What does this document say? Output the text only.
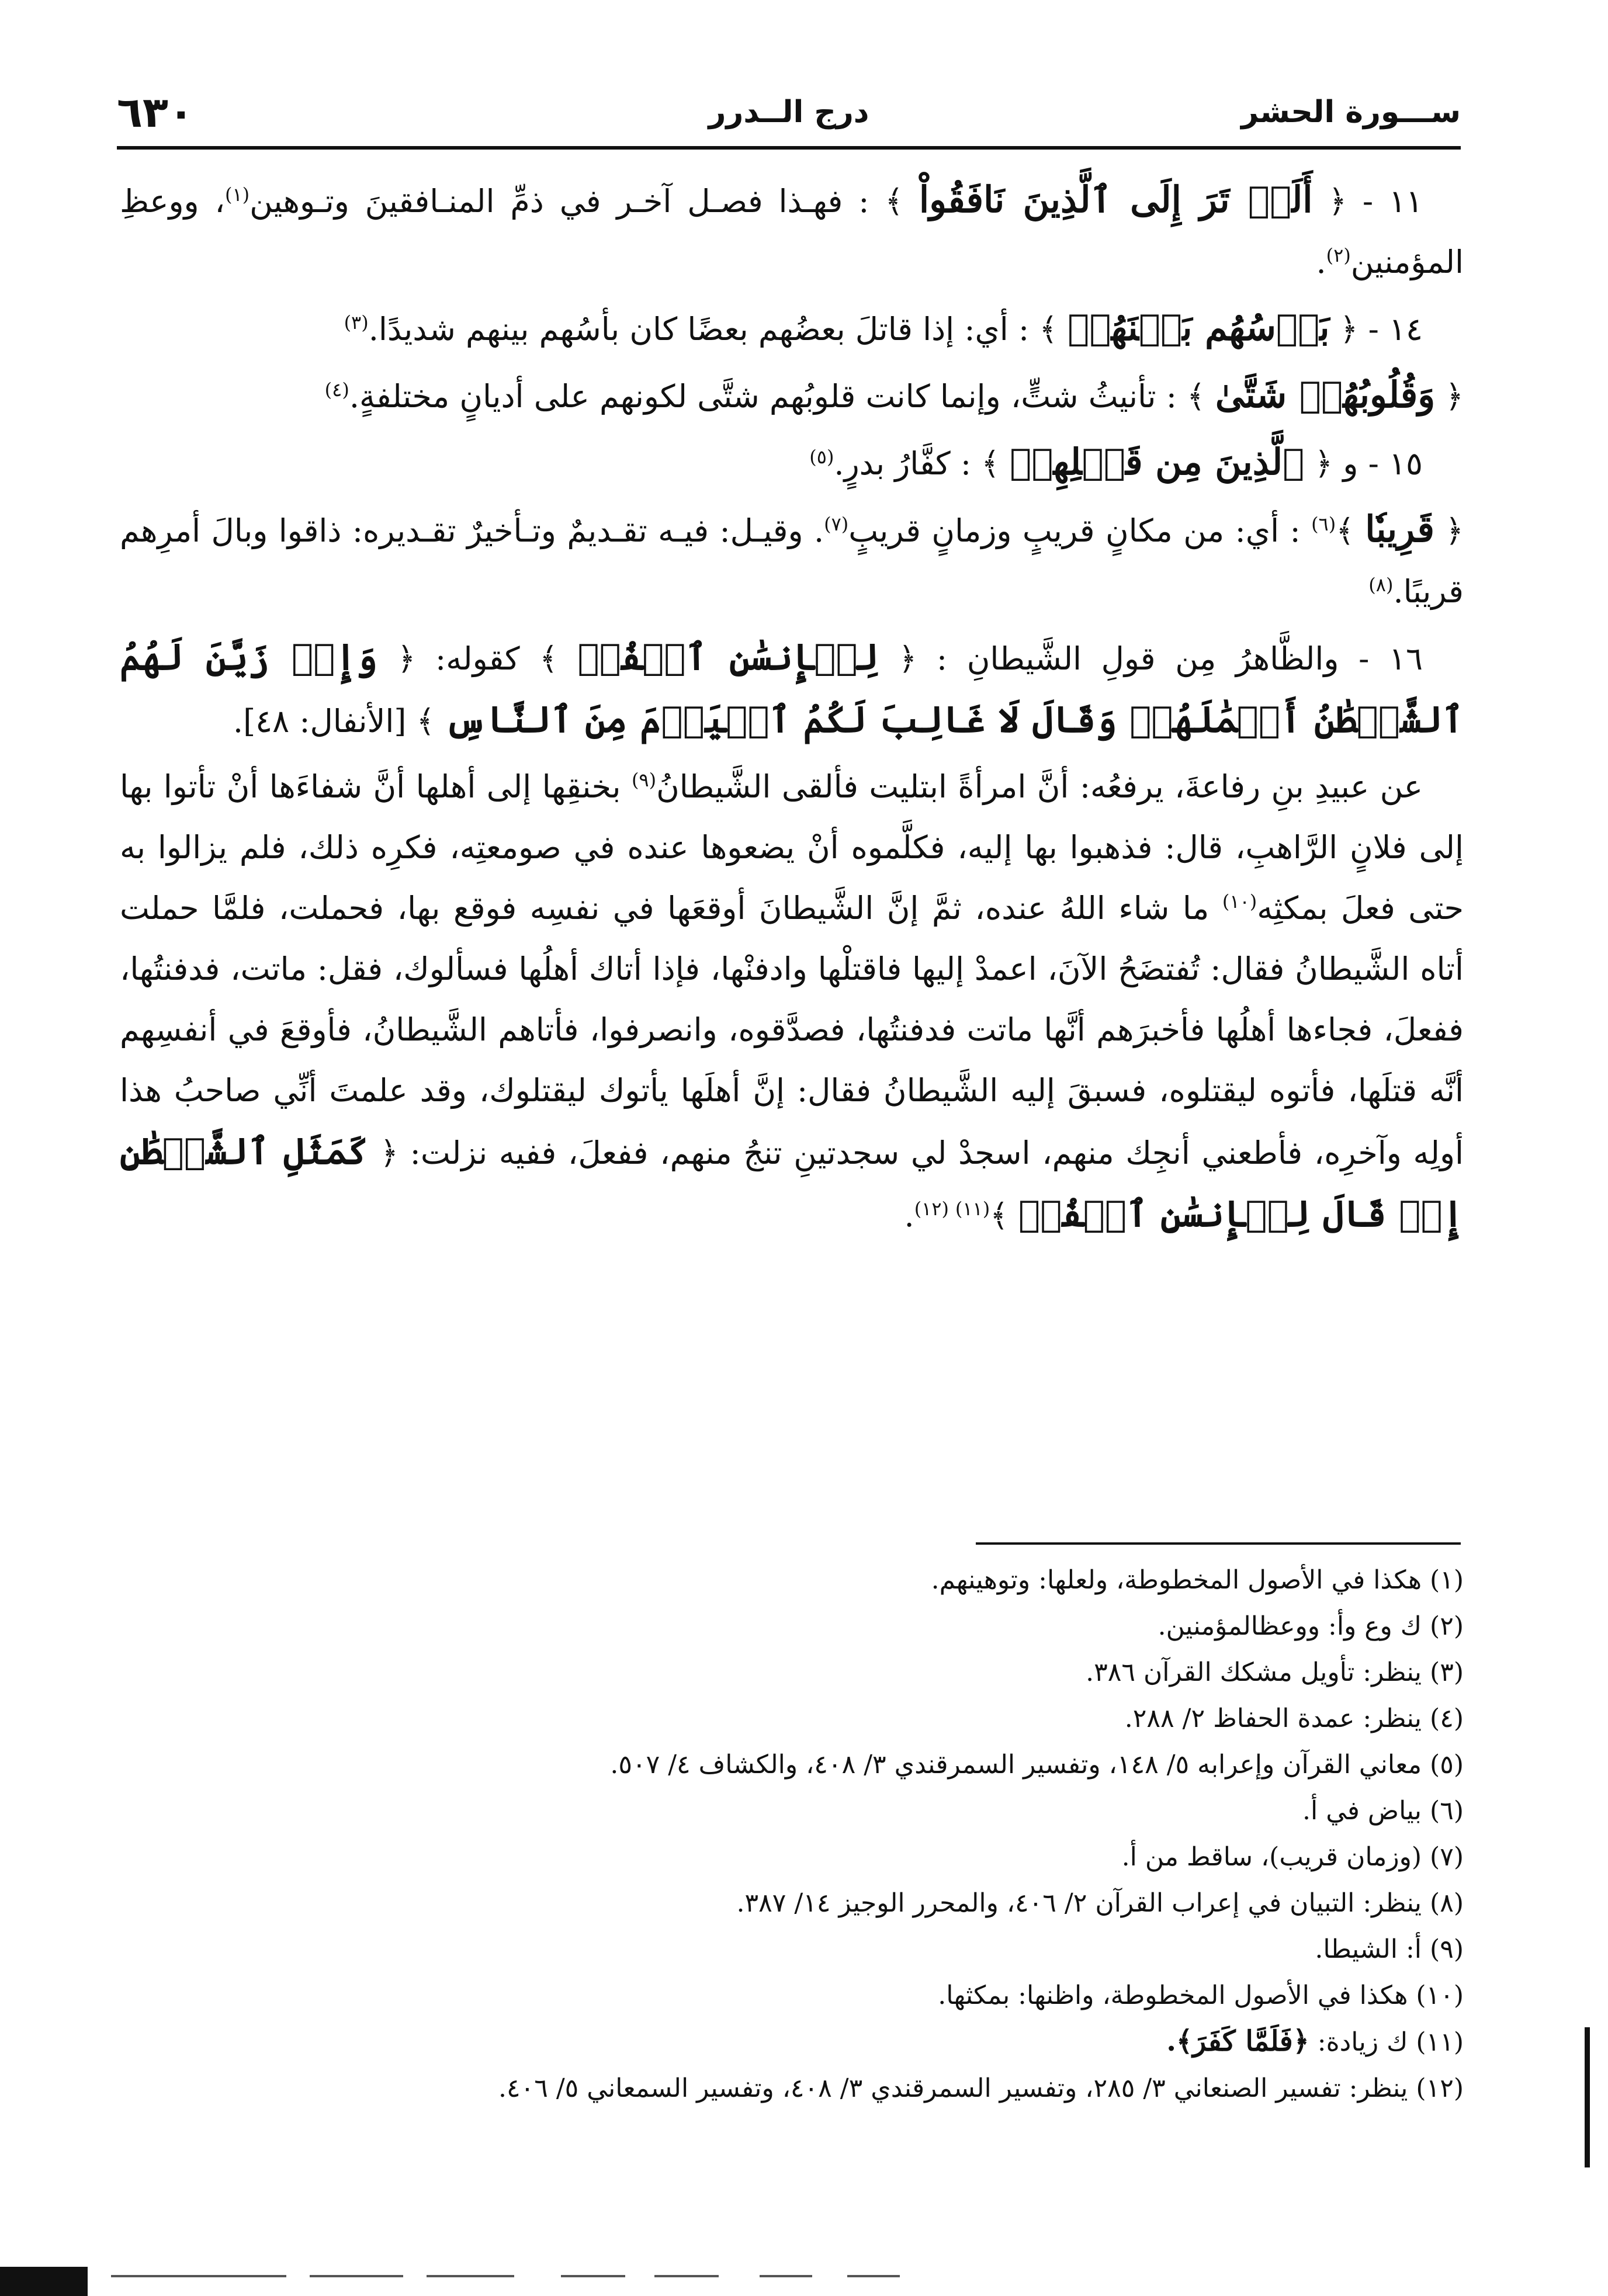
٦٣٠	درج الــدرر	ســـورة الحشر

١١ - ﴿ أَلَمۡ تَرَ إِلَى ٱلَّذِينَ نَافَقُواْ ﴾ : فهـذا فصـل آخـر في ذمِّ المنـافقينَ وتـوهين$^{(١)}$، ووعظِ المؤمنين$^{(٢)}$.

١٤ - ﴿ بَأۡسُهُم بَيۡنَهُمۡ ﴾ : أي: إذا قاتلَ بعضُهم بعضًا كان بأسُهم بينهم شديدًا.$^{(٣)}$

﴿ وَقُلُوبُهُمۡ شَتَّىٰ ﴾ : تأنيثُ شتٍّ، وإنما كانت قلوبُهم شتَّى لكونهم على أديانٍ مختلفةٍ.$^{(٤)}$

١٥ - و ﴿ ٱلَّذِينَ مِن قَبۡلِهِمۡ ﴾ : كفَّارُ بدرٍ.$^{(٥)}$

﴿ قَرِيبٗا ﴾$^{(٦)}$ : أي: من مكانٍ قريبٍ وزمانٍ قريبٍ$^{(٧)}$. وقيـل: فيـه تقـديمٌ وتـأخيرٌ تقـديره: ذاقوا وبالَ أمرِهم قريبًا.$^{(٨)}$

١٦ - والظَّاهرُ مِن قولِ الشَّيطانِ : ﴿ لِلۡإِنسَٰنِ ٱكۡفُرۡ ﴾ كقوله: ﴿ وَإِذۡ زَيَّنَ لَهُمُ ٱلشَّيۡطَٰنُ أَعۡمَٰلَهُمۡ وَقَالَ لَا غَالِبَ لَكُمُ ٱلۡيَوۡمَ مِنَ ٱلنَّاسِ ﴾ [الأنفال: ٤٨].

عن عبيدِ بنِ رفاعةَ، يرفعُه: أنَّ امرأةً ابتليت فألقى الشَّيطانُ$^{(٩)}$ بخنقِها إلى أهلها أنَّ شفاءَها أنْ تأتوا بها إلى فلانٍ الرَّاهبِ، قال: فذهبوا بها إليه، فكلَّموه أنْ يضعوها عنده في صومعتِه، فكرِه ذلك، فلم يزالوا به حتى فعلَ بمكثِه$^{(١٠)}$ ما شاء اللهُ عنده، ثمَّ إنَّ الشَّيطانَ أوقعَها في نفسِه فوقع بها، فحملت، فلمَّا حملت أتاه الشَّيطانُ فقال: تُفتضَحُ الآنَ، اعمدْ إليها فاقتلْها وادفنْها، فإذا أتاك أهلُها فسألوك، فقل: ماتت، فدفنتُها، ففعلَ، فجاءها أهلُها فأخبرَهم أنَّها ماتت فدفنتُها، فصدَّقوه، وانصرفوا، فأتاهم الشَّيطانُ، فأوقعَ في أنفسِهم أنَّه قتلَها، فأتوه ليقتلوه، فسبقَ إليه الشَّيطانُ فقال: إنَّ أهلَها يأتوك ليقتلوك، وقد علمتَ أنِّي صاحبُ هذا أولِه وآخرِه، فأطعني أنجِك منهم، اسجدْ لي سجدتينِ تنجُ منهم، ففعلَ، ففيه نزلت: ﴿ كَمَثَلِ ٱلشَّيۡطَٰنِ إِذۡ قَالَ لِلۡإِنسَٰنِ ٱكۡفُرۡ ﴾$^{(١١)}$ $^{(١٢)}$.

(١) هكذا في الأصول المخطوطة، ولعلها: وتوهينهم.
(٢) ك وع وأ: ووعظالمؤمنين.
(٣) ينظر: تأويل مشكك القرآن ٣٨٦.
(٤) ينظر: عمدة الحفاظ ٢/ ٢٨٨.
(٥) معاني القرآن وإعرابه ٥/ ١٤٨، وتفسير السمرقندي ٣/ ٤٠٨، والكشاف ٤/ ٥٠٧.
(٦) بياض في أ.
(٧) (وزمان قريب)، ساقط من أ.
(٨) ينظر: التبيان في إعراب القرآن ٢/ ٤٠٦، والمحرر الوجيز ١٤/ ٣٨٧.
(٩) أ: الشيطا.
(١٠) هكذا في الأصول المخطوطة، واظنها: بمكثها.
(١١) ك زيادة: ﴿فَلَمَّا كَفَرَ﴾.
(١٢) ينظر: تفسير الصنعاني ٣/ ٢٨٥، وتفسير السمرقندي ٣/ ٤٠٨، وتفسير السمعاني ٥/ ٤٠٦.
